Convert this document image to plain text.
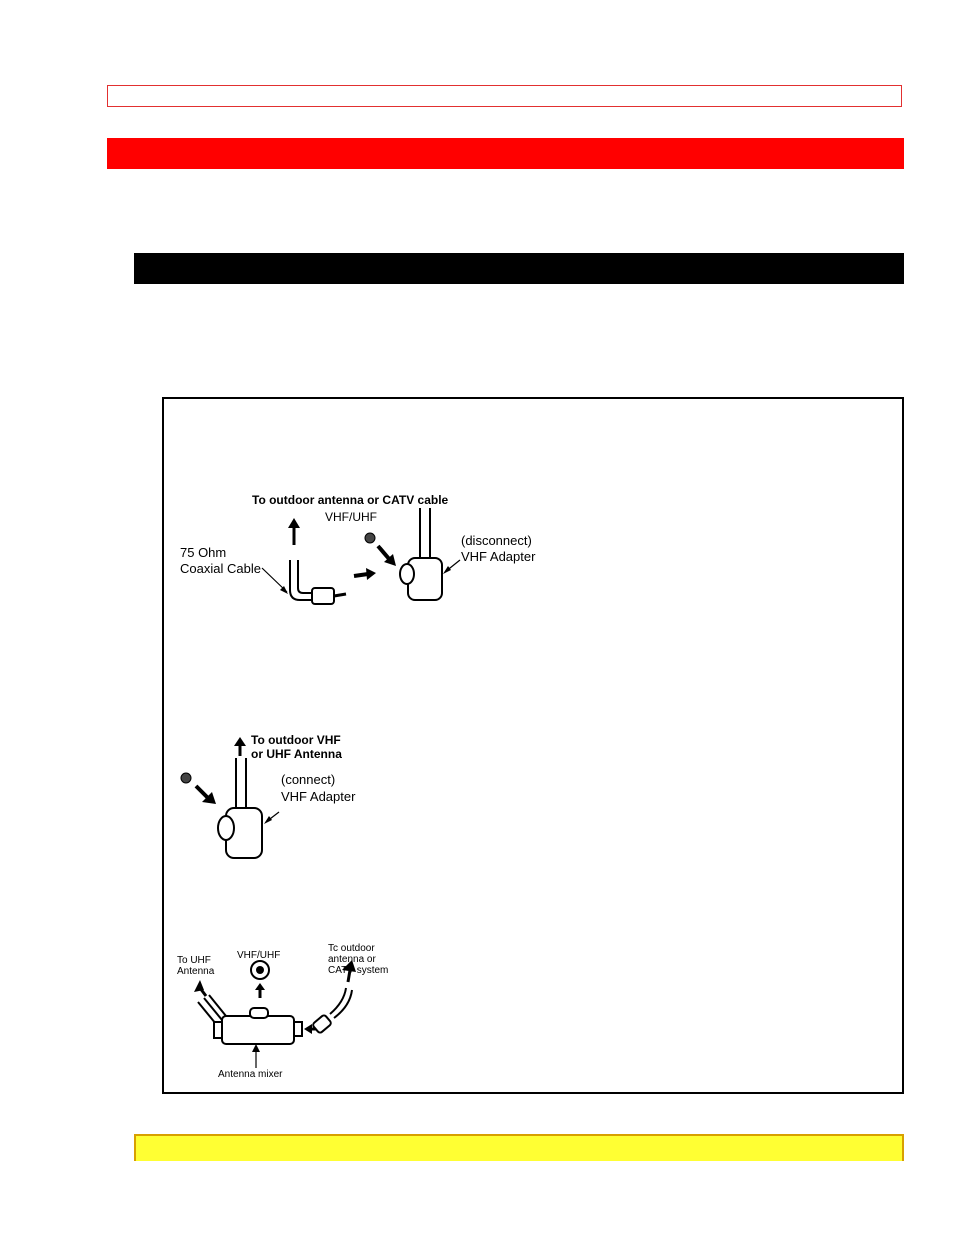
To outdoor antenna or CATV cable
VHF/UHF
75 Ohm
Coaxial Cable
(disconnect)
VHF Adapter
To outdoor VHF
or UHF Antenna
(connect)
VHF Adapter
To UHF
Antenna
VHF/UHF
Tc outdoor
antenna or
CATV system
Antenna mixer
